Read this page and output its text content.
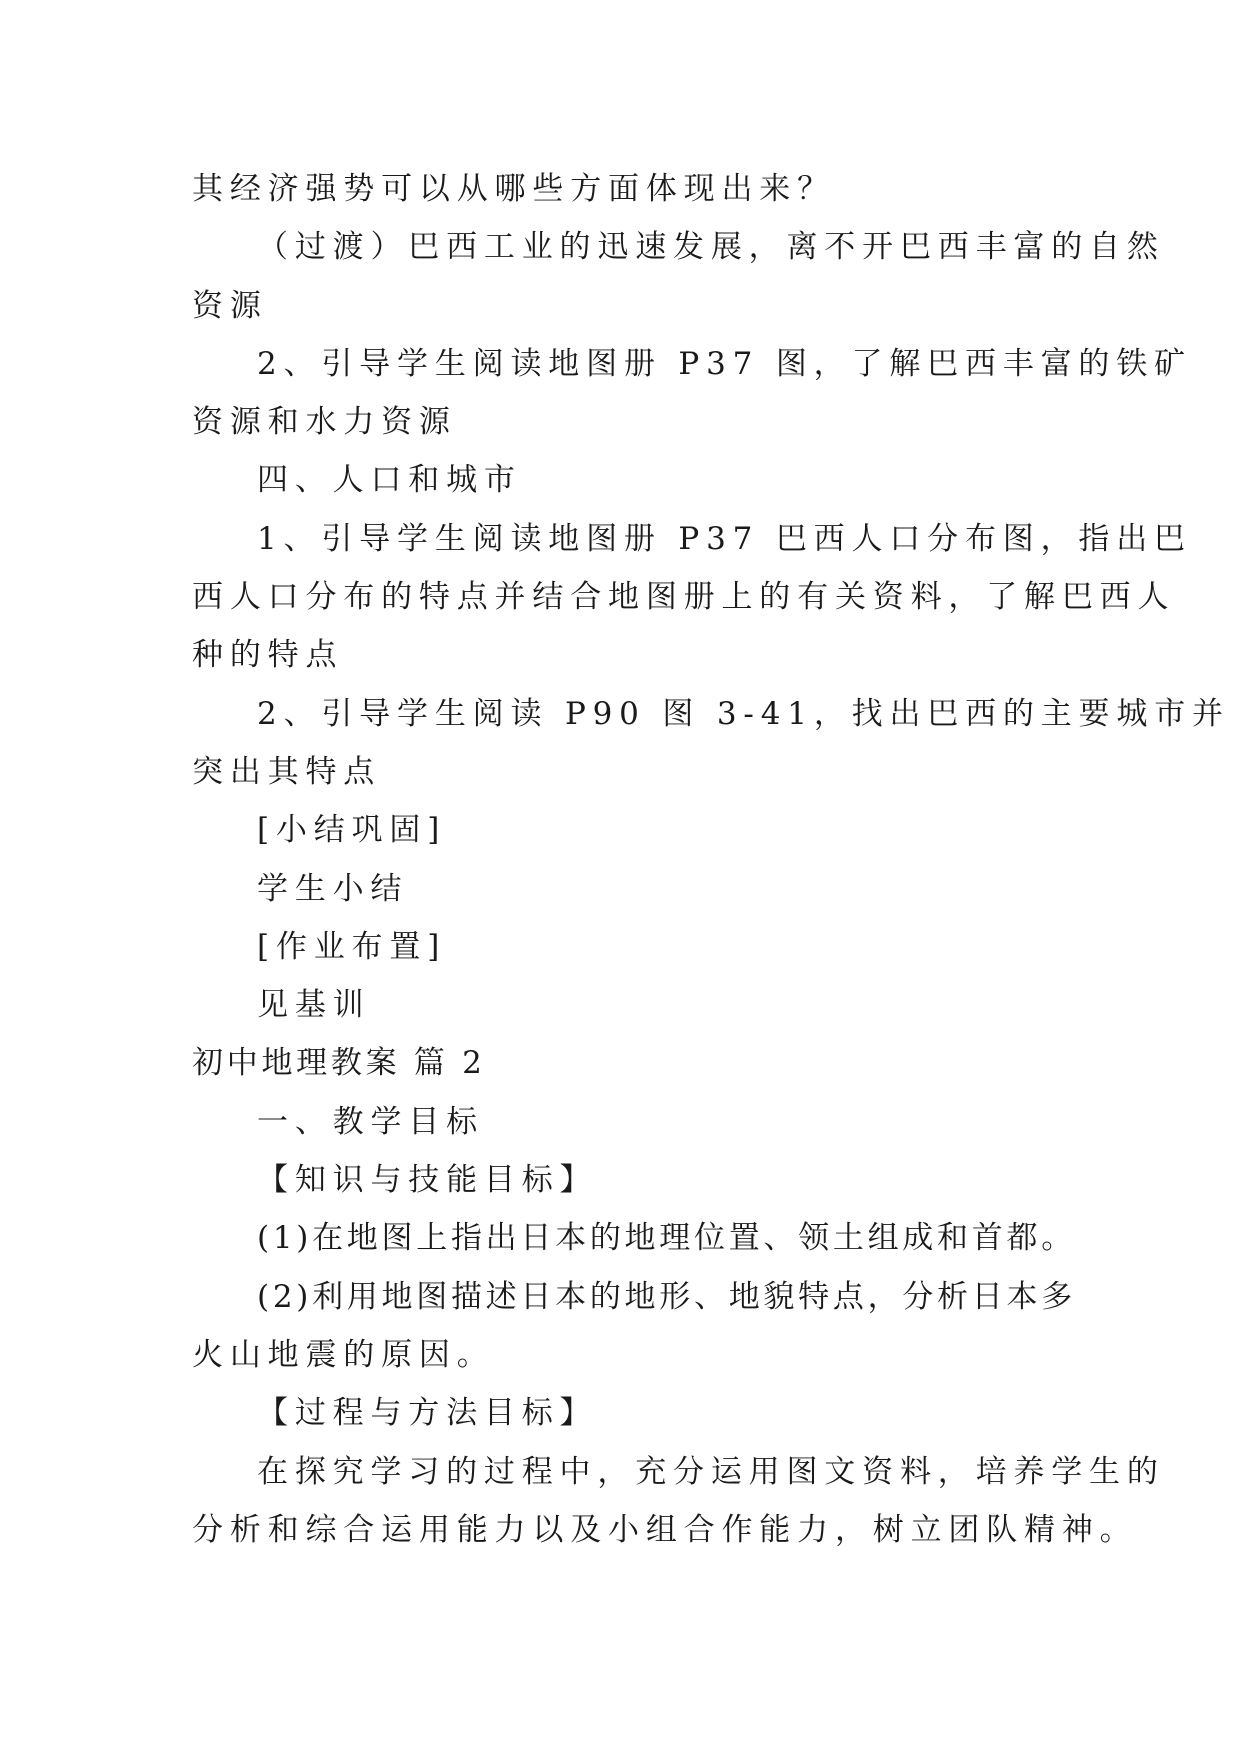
其经济强势可以从哪些方面体现出来？
（过渡）巴西工业的迅速发展，离不开巴西丰富的自然
资源
2、引导学生阅读地图册 P37 图，了解巴西丰富的铁矿
资源和水力资源
四、人口和城市
1、引导学生阅读地图册 P37 巴西人口分布图，指出巴
西人口分布的特点并结合地图册上的有关资料，了解巴西人
种的特点
2、引导学生阅读 P90 图 3-41，找出巴西的主要城市并
突出其特点
[小结巩固]
学生小结
[作业布置]
见基训
初中地理教案 篇 2
一、教学目标
【知识与技能目标】
(1)在地图上指出日本的地理位置、领土组成和首都。
(2)利用地图描述日本的地形、地貌特点，分析日本多
火山地震的原因。
【过程与方法目标】
在探究学习的过程中，充分运用图文资料，培养学生的
分析和综合运用能力以及小组合作能力，树立团队精神。
